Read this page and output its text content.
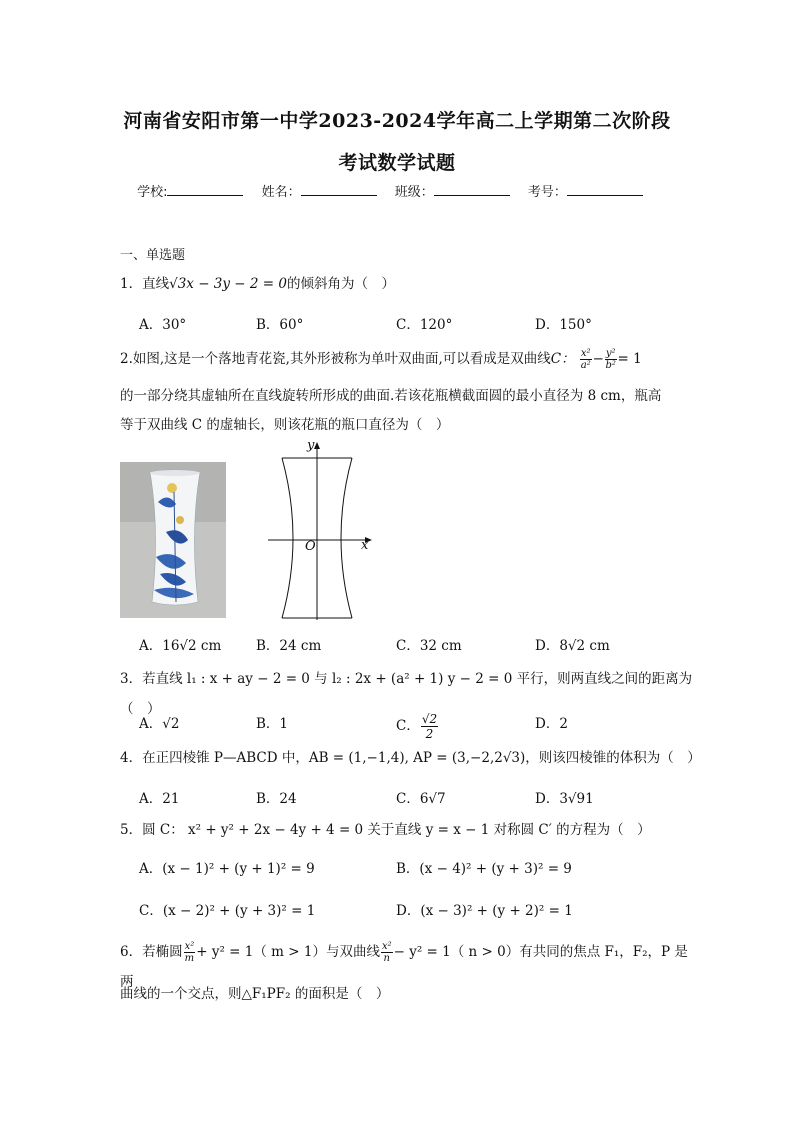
河南省安阳市第一中学2023-2024学年高二上学期第二次阶段
考试数学试题
学校:	姓名：	班级：	考号：
一、单选题
1．直线√3x − 3y − 2 = 0的倾斜角为（　）
A．30°	B．60°	C．120°	D．150°
2.如图,这是一个落地青花瓷,其外形被称为单叶双曲面,可以看成是双曲线C： $\frac{\text{x²}}{\text{a²}} - \frac{\text{y²}}{\text{b²}} = 1$
的一部分绕其虚轴所在直线旋转所形成的曲面.若该花瓶横截面圆的最小直径为 8 cm，瓶高
等于双曲线 C 的虚轴长，则该花瓶的瓶口直径为（　）
y
x
O
A．16√2 cm	B．24 cm	C．32 cm	D．8√2 cm
3．若直线 l₁ : x + ay − 2 = 0 与 l₂ : 2x + (a² + 1) y − 2 = 0 平行，则两直线之间的距离为（　）
A．√2	B．1	C． $\frac{√2}{2}$	D．2
4．在正四棱锥 P—ABCD 中，AB = (1,−1,4), AP = (3,−2,2√3)，则该四棱锥的体积为（　）
A．21	B．24	C．6√7	D．3√91
5．圆 C： x² + y² + 2x − 4y + 4 = 0 关于直线 y = x − 1 对称圆 C′ 的方程为（　）
A．(x − 1)² + (y + 1)² = 9	B．(x − 4)² + (y + 3)² = 9
C．(x − 2)² + (y + 3)² = 1	D．(x − 3)² + (y + 2)² = 1
6．若椭圆 $\frac{\text{x²}}{m} + y^2 = 1$（ m > 1）与双曲线 $\frac{\text{x²}}{n} - y^2 = 1$（ n > 0）有共同的焦点 F₁，F₂，P 是两
曲线的一个交点，则△F₁PF₂ 的面积是（　）
